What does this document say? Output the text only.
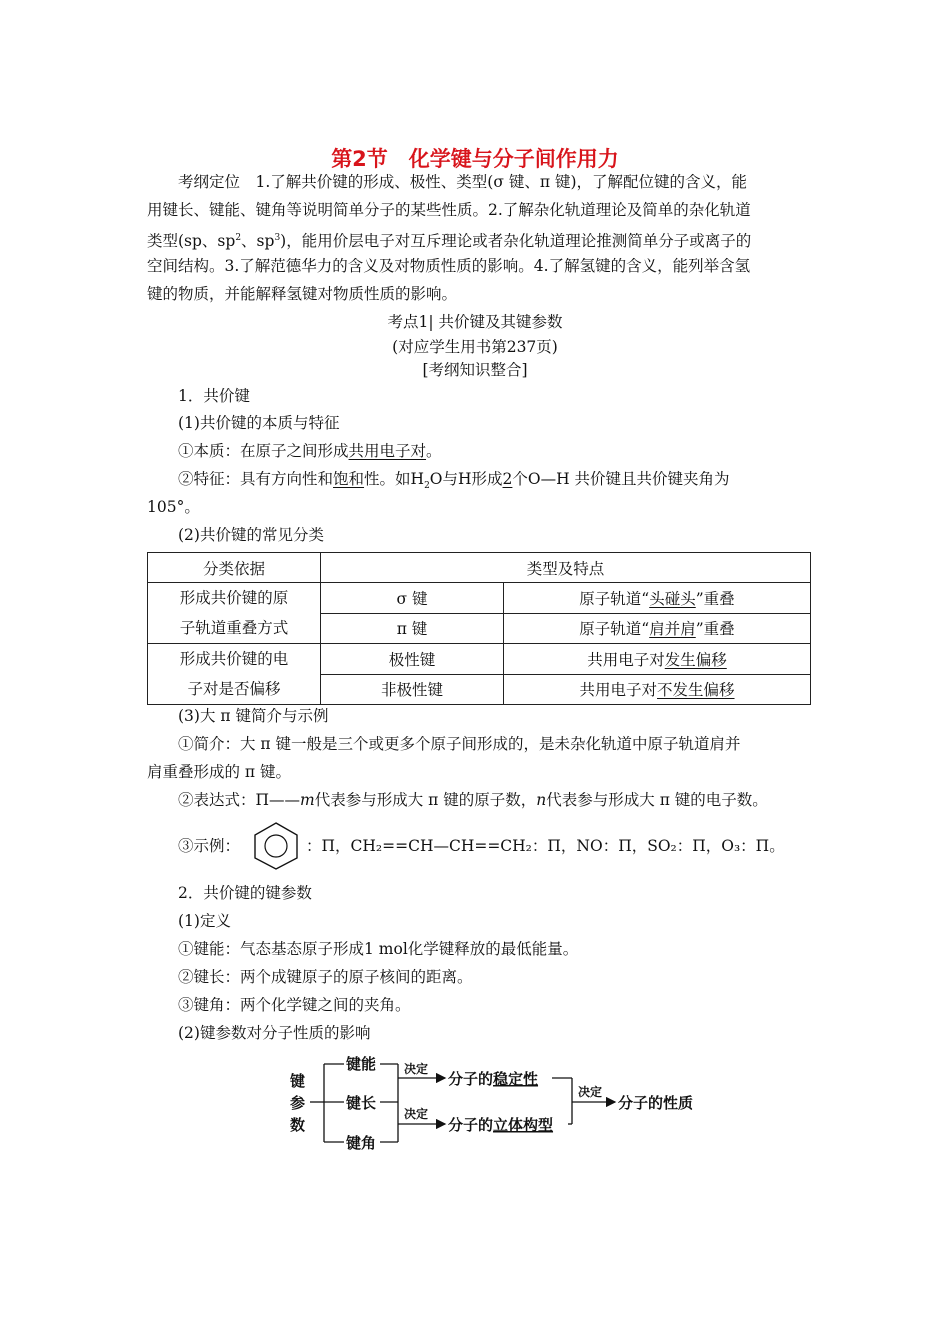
第2节　化学键与分子间作用力
考纲定位　1.了解共价键的形成、极性、类型(σ 键、π 键)，了解配位键的含义，能
用键长、键能、键角等说明简单分子的某些性质。2.了解杂化轨道理论及简单的杂化轨道
类型(sp、$sp^2$、$sp^3$)，能用价层电子对互斥理论或者杂化轨道理论推测简单分子或离子的
空间结构。3.了解范德华力的含义及对物质性质的影响。4.了解氢键的含义，能列举含氢
键的物质，并能解释氢键对物质性质的影响。
考点1| 共价键及其键参数
(对应学生用书第237页)
[考纲知识整合]
1．共价键
(1)共价键的本质与特征
①本质：在原子之间形成共用电子对。
②特征：具有方向性和饱和性。如$H_2O$与H形成2个O—H 共价键且共价键夹角为
105°。
(2)共价键的常见分类
分类依据	类型及特点	

形成共价键的原
子轨道重叠方式	σ 键	原子轨道“头碰头”重叠
	π 键	原子轨道“肩并肩”重叠

形成共价键的电
子对是否偏移	极性键	共用电子对发生偏移
	非极性键	共用电子对不发生偏移
(3)大 π 键简介与示例
①简介：大 π 键一般是三个或更多个原子间形成的，是未杂化轨道中原子轨道肩并
肩重叠形成的 π 键。
②表达式：Π——m代表参与形成大 π 键的原子数，n代表参与形成大 π 键的电子数。
③示例：	：Π，CH₂==CH—CH==CH₂：Π，NO：Π，SO₂：Π，O₃：Π。
2．共价键的键参数
(1)定义
①键能：气态基态原子形成1 mol化学键释放的最低能量。
②键长：两个成键原子的原子核间的距离。
③键角：两个化学键之间的夹角。
(2)键参数对分子性质的影响
键
参
数
键能
键长
键角
决定
决定
分子的稳定性
分子的立体构型
决定
分子的性质
